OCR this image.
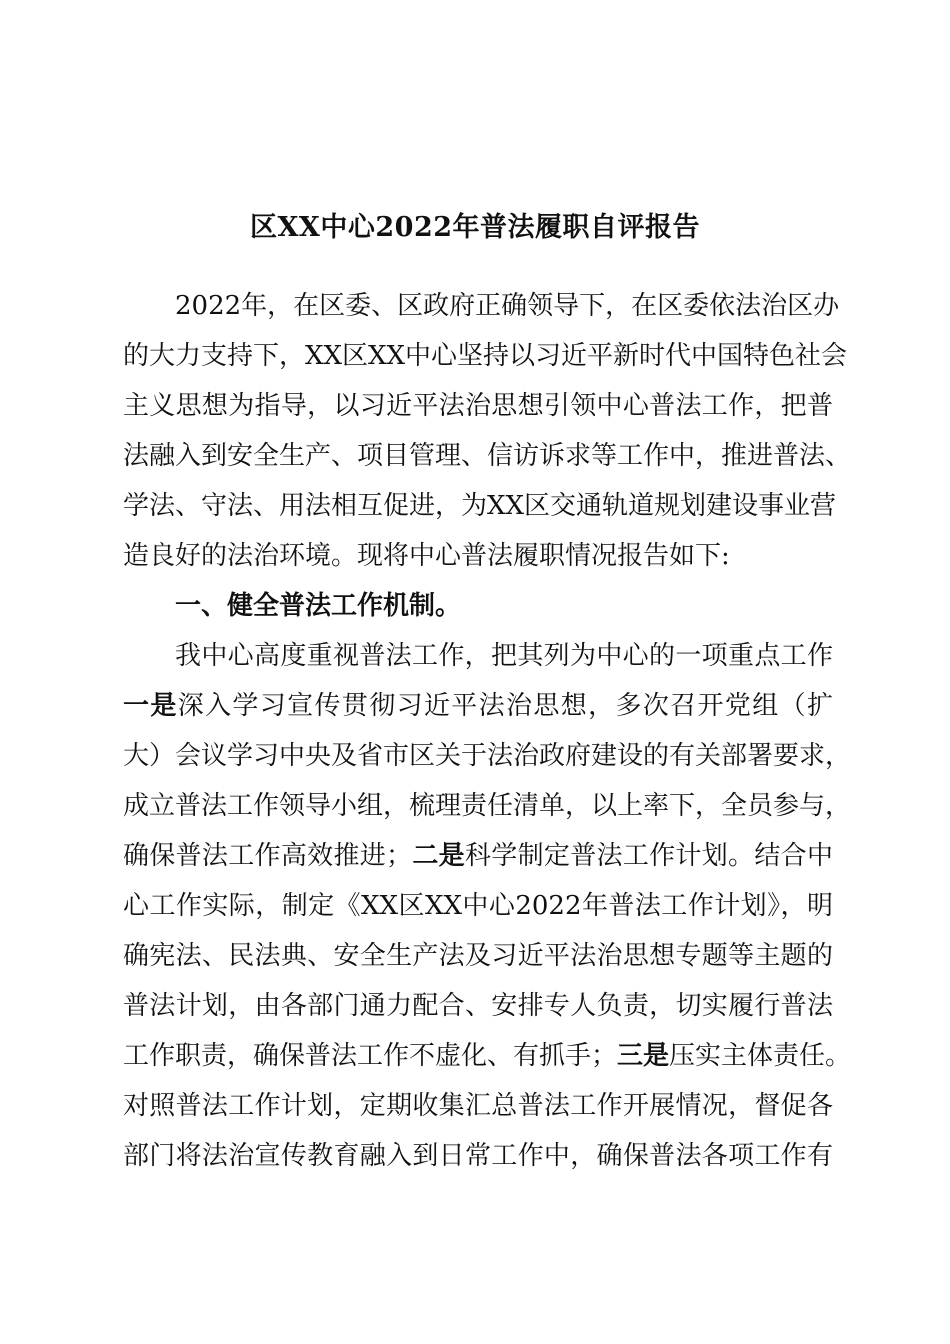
区XX中心2022年普法履职自评报告

2022年，在区委、区政府正确领导下，在区委依法治区办

的大力支持下，XX区XX中心坚持以习近平新时代中国特色社会

主义思想为指导，以习近平法治思想引领中心普法工作，把普

法融入到安全生产、项目管理、信访诉求等工作中，推进普法、

学法、守法、用法相互促进，为XX区交通轨道规划建设事业营

造良好的法治环境。现将中心普法履职情况报告如下:

一、健全普法工作机制。

我中心高度重视普法工作，把其列为中心的一项重点工作

一是深入学习宣传贯彻习近平法治思想，多次召开党组（扩

大）会议学习中央及省市区关于法治政府建设的有关部署要求，

成立普法工作领导小组，梳理责任清单，以上率下，全员参与，

确保普法工作高效推进；二是科学制定普法工作计划。结合中

心工作实际，制定《XX区XX中心2022年普法工作计划》，明

确宪法、民法典、安全生产法及习近平法治思想专题等主题的

普法计划，由各部门通力配合、安排专人负责，切实履行普法

工作职责，确保普法工作不虚化、有抓手；三是压实主体责任。

对照普法工作计划，定期收集汇总普法工作开展情况，督促各

部门将法治宣传教育融入到日常工作中，确保普法各项工作有
